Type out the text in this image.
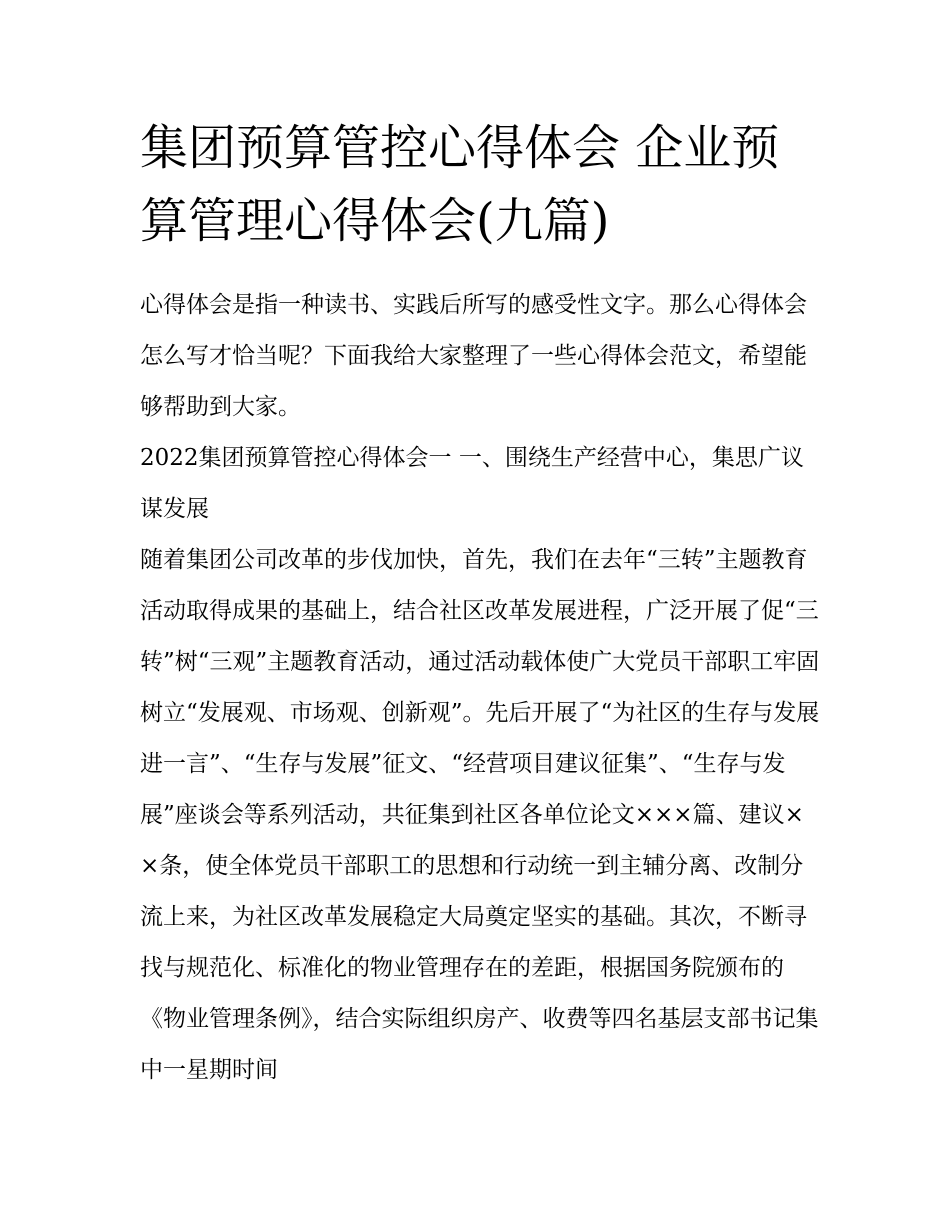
集团预算管控心得体会 企业预算管理心得体会(九篇)

心得体会是指一种读书、实践后所写的感受性文字。那么心得体会怎么写才恰当呢？下面我给大家整理了一些心得体会范文，希望能够帮助到大家。

2022集团预算管控心得体会一 一、围绕生产经营中心，集思广议谋发展

随着集团公司改革的步伐加快，首先，我们在去年“三转”主题教育活动取得成果的基础上，结合社区改革发展进程，广泛开展了促“三转”树“三观”主题教育活动，通过活动载体使广大党员干部职工牢固树立“发展观、市场观、创新观”。先后开展了“为社区的生存与发展进一言”、“生存与发展”征文、“经营项目建议征集”、“生存与发展”座谈会等系列活动，共征集到社区各单位论文×××篇、建议××条，使全体党员干部职工的思想和行动统一到主辅分离、改制分流上来，为社区改革发展稳定大局奠定坚实的基础。其次，不断寻找与规范化、标准化的物业管理存在的差距，根据国务院颁布的《物业管理条例》，结合实际组织房产、收费等四名基层支部书记集中一星期时间
